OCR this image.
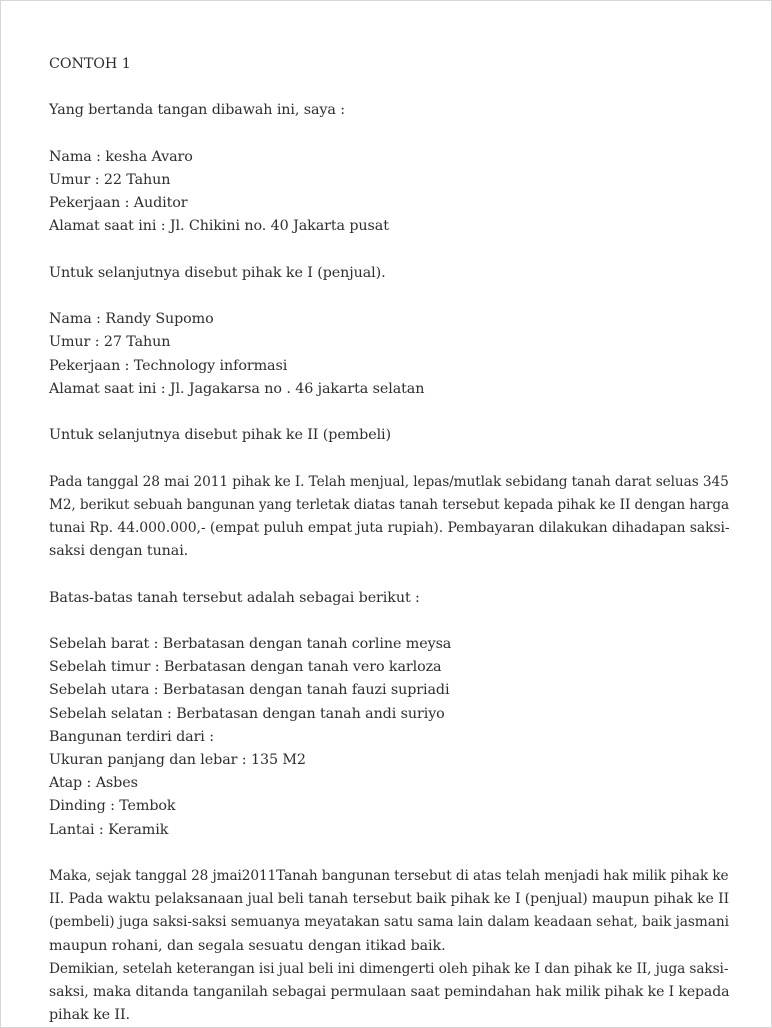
CONTOH 1

Yang bertanda tangan dibawah ini, saya :

Nama : kesha Avaro

Umur : 22 Tahun

Pekerjaan : Auditor

Alamat saat ini : Jl. Chikini no. 40 Jakarta pusat

Untuk selanjutnya disebut pihak ke I (penjual).

Nama : Randy Supomo

Umur : 27 Tahun

Pekerjaan : Technology informasi

Alamat saat ini : Jl. Jagakarsa no . 46 jakarta selatan

Untuk selanjutnya disebut pihak ke II (pembeli)

Pada tanggal 28 mai 2011 pihak ke I. Telah menjual, lepas/mutlak sebidang tanah darat seluas 345

M2, berikut sebuah bangunan yang terletak diatas tanah tersebut kepada pihak ke II dengan harga

tunai Rp. 44.000.000,- (empat puluh empat juta rupiah). Pembayaran dilakukan dihadapan saksi-

saksi dengan tunai.

Batas-batas tanah tersebut adalah sebagai berikut :

Sebelah barat : Berbatasan dengan tanah corline meysa

Sebelah timur : Berbatasan dengan tanah vero karloza

Sebelah utara : Berbatasan dengan tanah fauzi supriadi

Sebelah selatan : Berbatasan dengan tanah andi suriyo

Bangunan terdiri dari :

Ukuran panjang dan lebar : 135 M2

Atap : Asbes

Dinding : Tembok

Lantai : Keramik

Maka, sejak tanggal 28 jmai2011Tanah bangunan tersebut di atas telah menjadi hak milik pihak ke

II. Pada waktu pelaksanaan jual beli tanah tersebut baik pihak ke I (penjual) maupun pihak ke II

(pembeli) juga saksi-saksi semuanya meyatakan satu sama lain dalam keadaan sehat, baik jasmani

maupun rohani, dan segala sesuatu dengan itikad baik.

Demikian, setelah keterangan isi jual beli ini dimengerti oleh pihak ke I dan pihak ke II, juga saksi-

saksi, maka ditanda tanganilah sebagai permulaan saat pemindahan hak milik pihak ke I kepada

pihak ke II.
